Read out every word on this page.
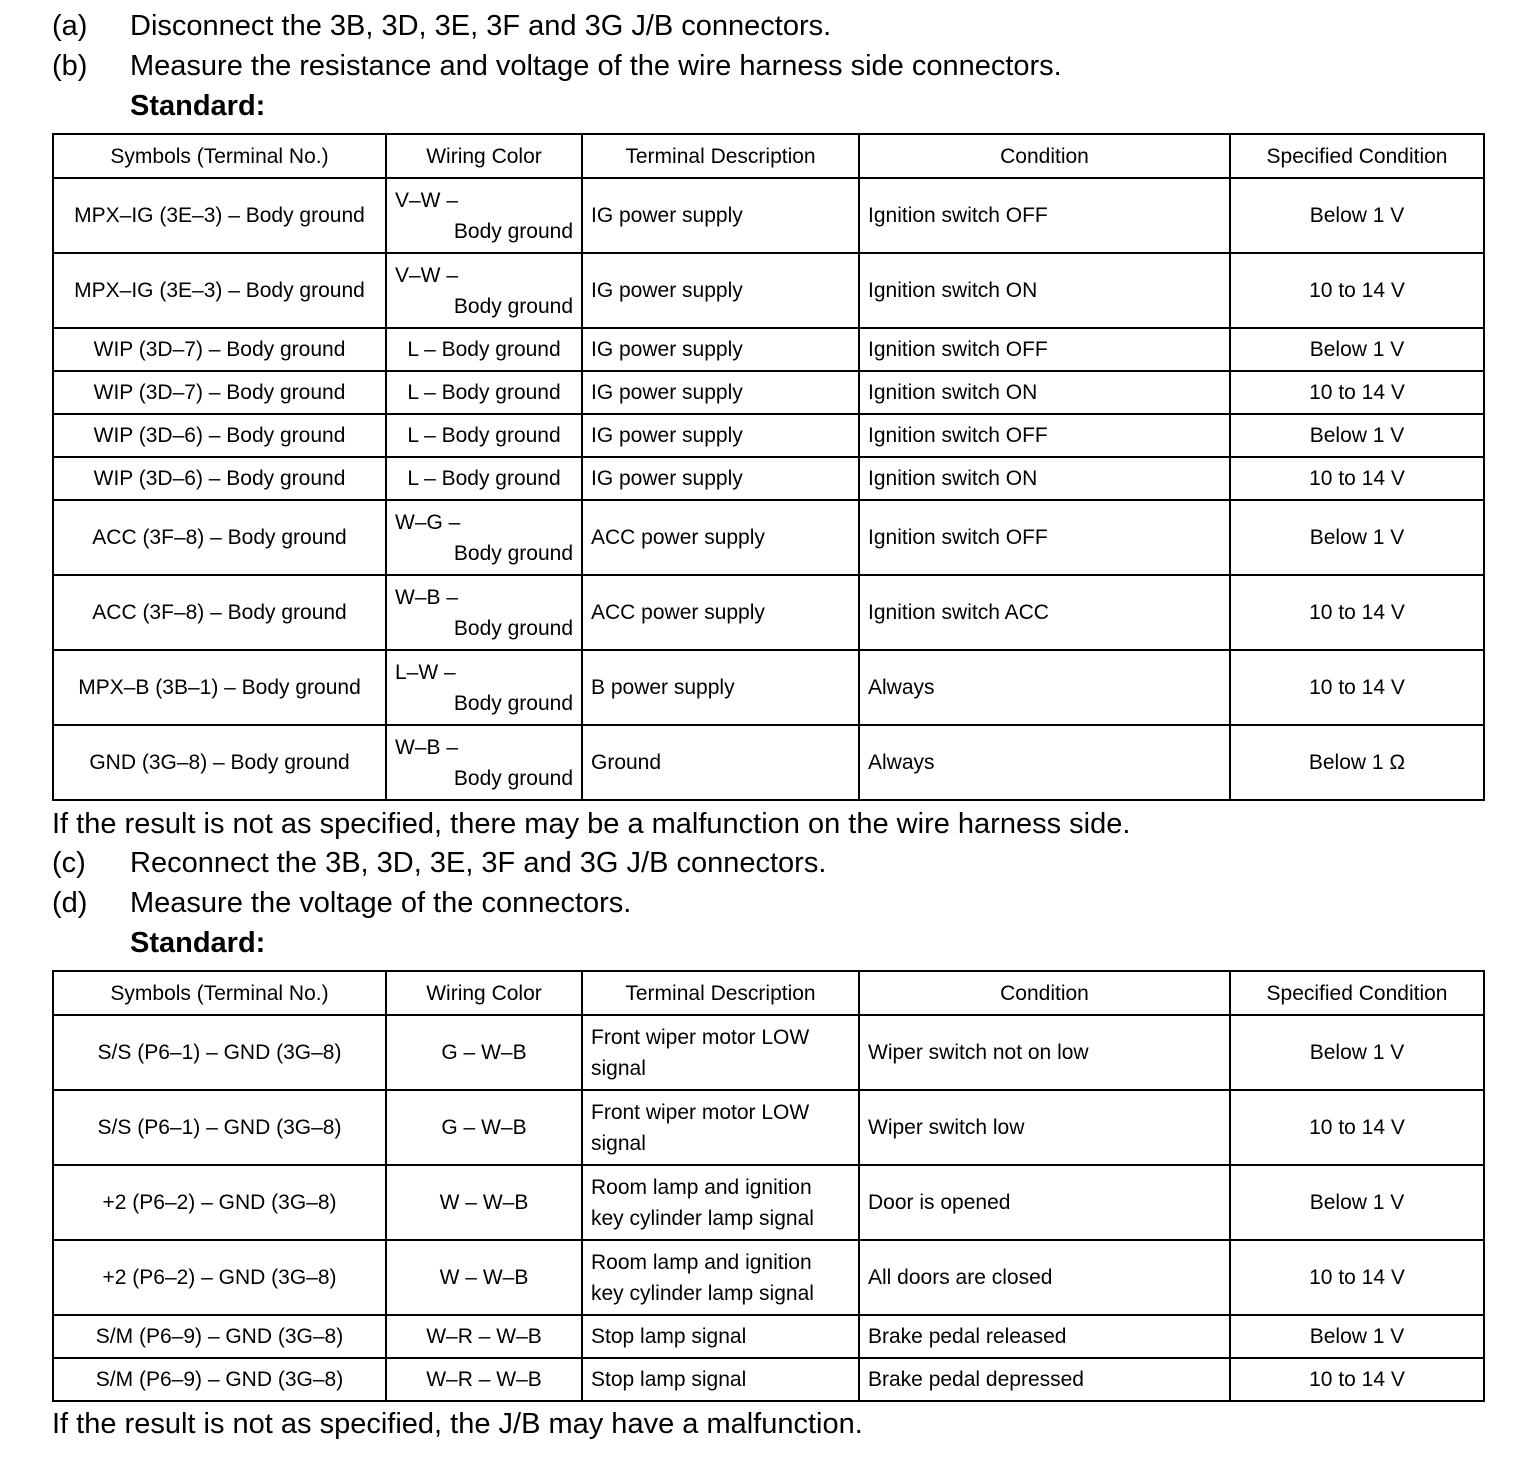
(a) Disconnect the 3B, 3D, 3E, 3F and 3G J/B connectors.
(b) Measure the resistance and voltage of the wire harness side connectors.
Standard:
Symbols (Terminal No.)	Wiring Color	Terminal Description	Condition	Specified Condition
MPX–IG (3E–3) – Body ground	V–W –
Body ground	IG power supply	Ignition switch OFF	Below 1 V
MPX–IG (3E–3) – Body ground	V–W –
Body ground	IG power supply	Ignition switch ON	10 to 14 V
WIP (3D–7) – Body ground	L – Body ground	IG power supply	Ignition switch OFF	Below 1 V
WIP (3D–7) – Body ground	L – Body ground	IG power supply	Ignition switch ON	10 to 14 V
WIP (3D–6) – Body ground	L – Body ground	IG power supply	Ignition switch OFF	Below 1 V
WIP (3D–6) – Body ground	L – Body ground	IG power supply	Ignition switch ON	10 to 14 V
ACC (3F–8) – Body ground	W–G –
Body ground	ACC power supply	Ignition switch OFF	Below 1 V
ACC (3F–8) – Body ground	W–B –
Body ground	ACC power supply	Ignition switch ACC	10 to 14 V
MPX–B (3B–1) – Body ground	L–W –
Body ground	B power supply	Always	10 to 14 V
GND (3G–8) – Body ground	W–B –
Body ground	Ground	Always	Below 1 Ω
If the result is not as specified, there may be a malfunction on the wire harness side.
(c) Reconnect the 3B, 3D, 3E, 3F and 3G J/B connectors.
(d) Measure the voltage of the connectors.
Standard:
Symbols (Terminal No.)	Wiring Color	Terminal Description	Condition	Specified Condition
S/S (P6–1) – GND (3G–8)	G – W–B	Front wiper motor LOW
signal	Wiper switch not on low	Below 1 V
S/S (P6–1) – GND (3G–8)	G – W–B	Front wiper motor LOW
signal	Wiper switch low	10 to 14 V
+2 (P6–2) – GND (3G–8)	W – W–B	Room lamp and ignition
key cylinder lamp signal	Door is opened	Below 1 V
+2 (P6–2) – GND (3G–8)	W – W–B	Room lamp and ignition
key cylinder lamp signal	All doors are closed	10 to 14 V
S/M (P6–9) – GND (3G–8)	W–R – W–B	Stop lamp signal	Brake pedal released	Below 1 V
S/M (P6–9) – GND (3G–8)	W–R – W–B	Stop lamp signal	Brake pedal depressed	10 to 14 V
If the result is not as specified, the J/B may have a malfunction.
